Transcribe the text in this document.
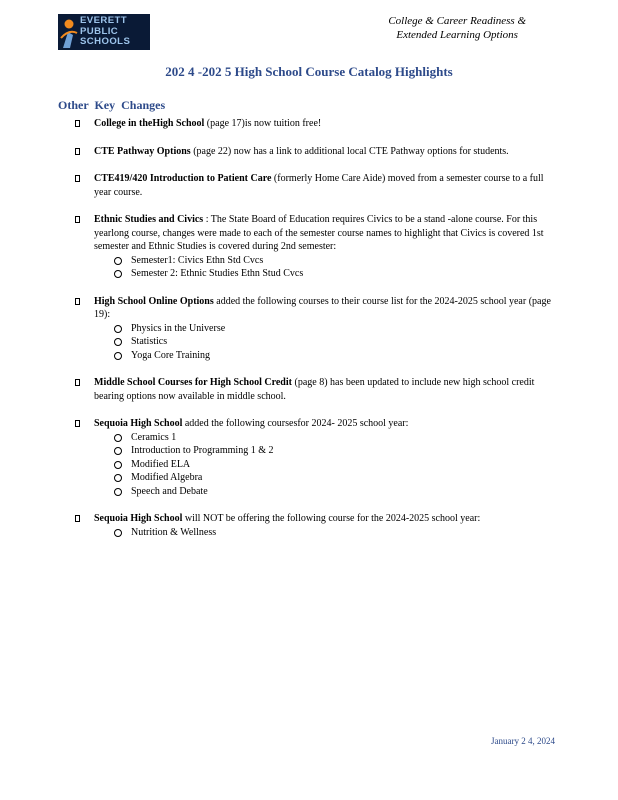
EVERETT
PUBLIC
SCHOOLS
College & Career Readiness &
Extended Learning Options
202 4 -202 5 High School Course Catalog Highlights
Other Key Changes
College in theHigh School (page 17)is now tuition free!
CTE Pathway Options (page 22) now has a link to additional local CTE Pathway options for students.
CTE419/420 Introduction to Patient Care (formerly Home Care Aide) moved from a semester course to a full year course.
Ethnic Studies and Civics : The State Board of Education requires Civics to be a stand -alone course. For this yearlong course, changes were made to each of the semester course names to highlight that Civics is covered 1st semester and Ethnic Studies is covered during 2nd semester:
Semester1: Civics Ethn Std Cvcs
Semester 2: Ethnic Studies Ethn Stud Cvcs
High School Online Options added the following courses to their course list for the 2024-2025 school year (page 19):
Physics in the Universe
Statistics
Yoga Core Training
Middle School Courses for High School Credit (page 8) has been updated to include new high school credit bearing options now available in middle school.
Sequoia High School added the following coursesfor 2024- 2025 school year:
Ceramics 1
Introduction to Programming 1 & 2
Modified ELA
Modified Algebra
Speech and Debate
Sequoia High School will NOT be offering the following course for the 2024-2025 school year:
Nutrition & Wellness
January 2 4, 2024
